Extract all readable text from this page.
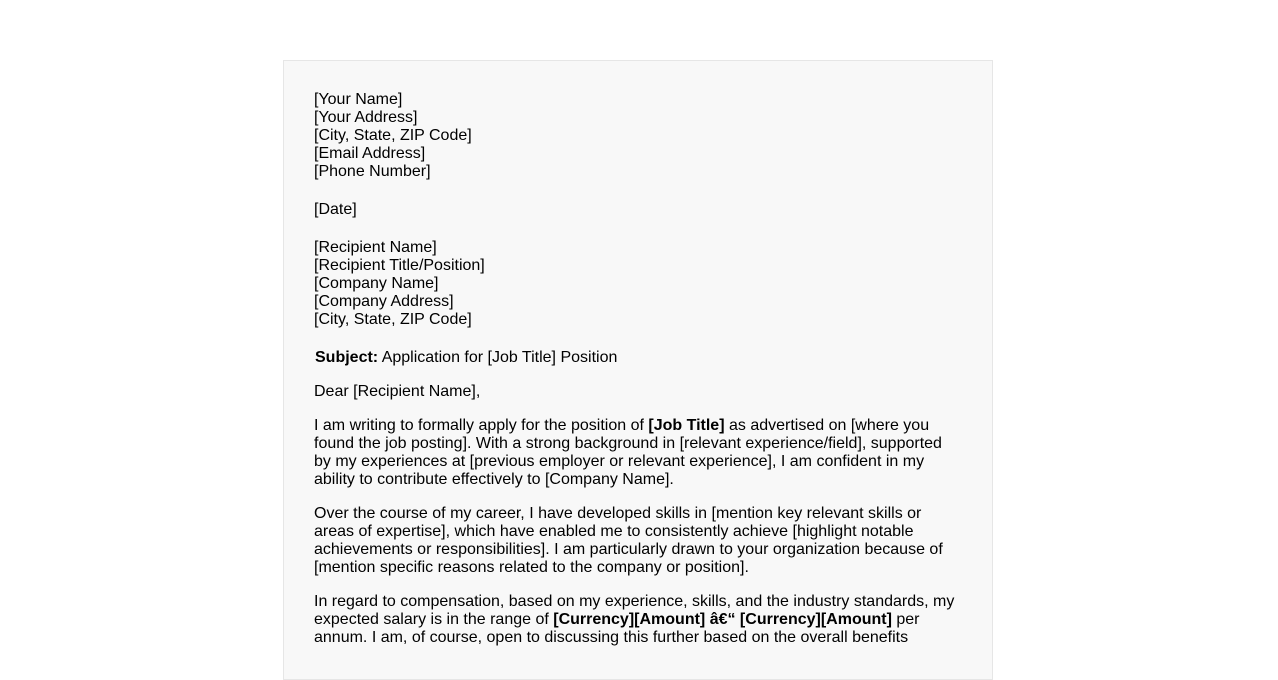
[Your Name]
[Your Address]
[City, State, ZIP Code]
[Email Address]
[Phone Number]
[Date]
[Recipient Name]
[Recipient Title/Position]
[Company Name]
[Company Address]
[City, State, ZIP Code]

Subject: Application for [Job Title] Position

Dear [Recipient Name],

I am writing to formally apply for the position of [Job Title] as advertised on [where you found the job posting]. With a strong background in [relevant experience/field], supported by my experiences at [previous employer or relevant experience], I am confident in my ability to contribute effectively to [Company Name].

Over the course of my career, I have developed skills in [mention key relevant skills or areas of expertise], which have enabled me to consistently achieve [highlight notable achievements or responsibilities]. I am particularly drawn to your organization because of [mention specific reasons related to the company or position].

In regard to compensation, based on my experience, skills, and the industry standards, my expected salary is in the range of [Currency][Amount] â€“ [Currency][Amount] per annum. I am, of course, open to discussing this further based on the overall benefits
